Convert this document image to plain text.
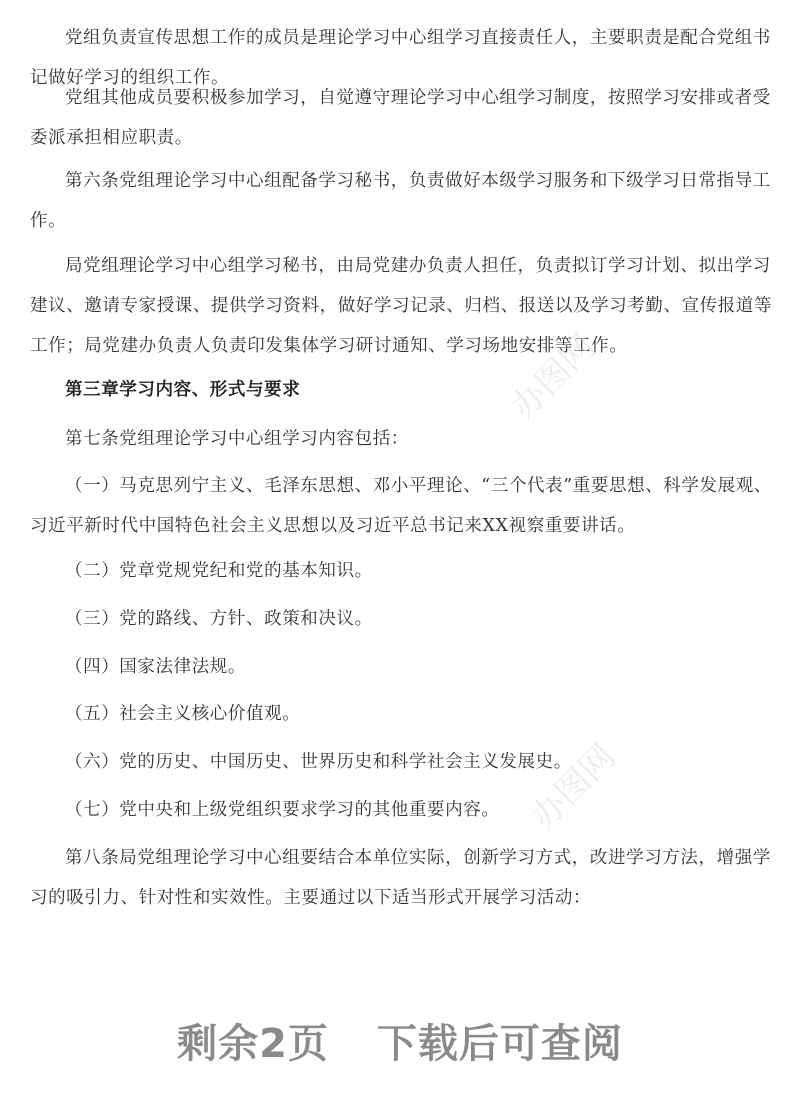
党组负责宣传思想工作的成员是理论学习中心组学习直接责任人，主要职责是配合党组书记做好学习的组织工作。

党组其他成员要积极参加学习，自觉遵守理论学习中心组学习制度，按照学习安排或者受委派承担相应职责。

第六条党组理论学习中心组配备学习秘书，负责做好本级学习服务和下级学习日常指导工作。

局党组理论学习中心组学习秘书，由局党建办负责人担任，负责拟订学习计划、拟出学习建议、邀请专家授课、提供学习资料，做好学习记录、归档、报送以及学习考勤、宣传报道等工作；局党建办负责人负责印发集体学习研讨通知、学习场地安排等工作。

第三章学习内容、形式与要求

第七条党组理论学习中心组学习内容包括：

（一）马克思列宁主义、毛泽东思想、邓小平理论、“三个代表”重要思想、科学发展观、习近平新时代中国特色社会主义思想以及习近平总书记来XX视察重要讲话。

（二）党章党规党纪和党的基本知识。

（三）党的路线、方针、政策和决议。

（四）国家法律法规。

（五）社会主义核心价值观。

（六）党的历史、中国历史、世界历史和科学社会主义发展史。

（七）党中央和上级党组织要求学习的其他重要内容。

第八条局党组理论学习中心组要结合本单位实际，创新学习方式，改进学习方法，增强学习的吸引力、针对性和实效性。主要通过以下适当形式开展学习活动：

办图网
办图网
剩余2页 下载后可查阅
